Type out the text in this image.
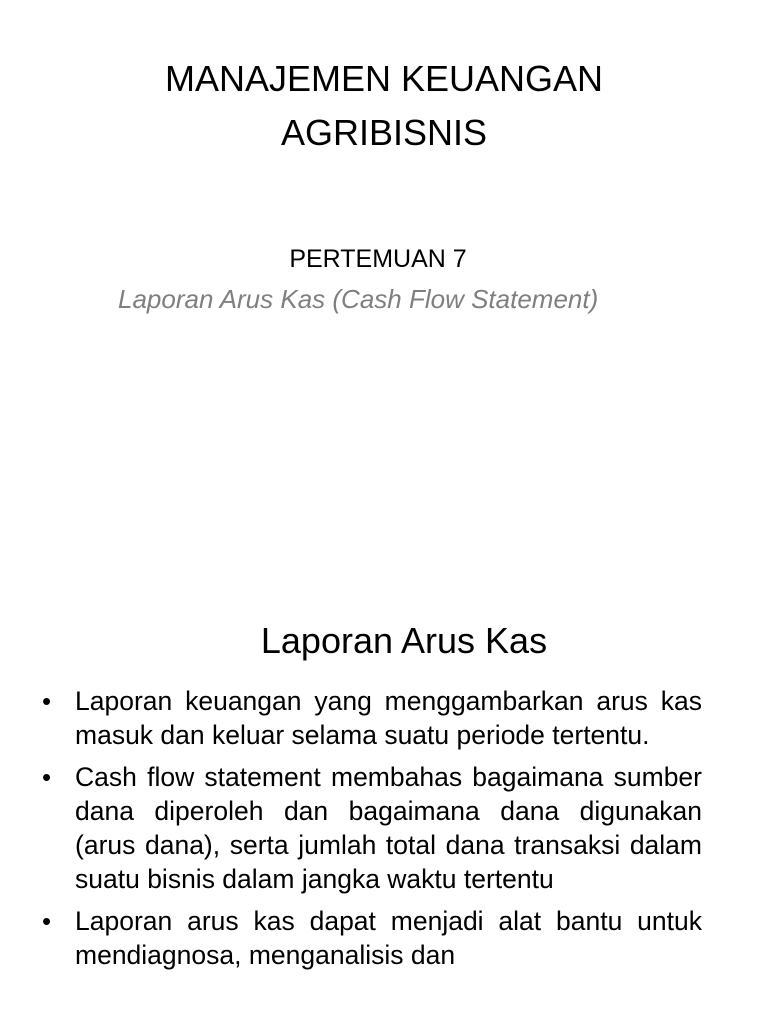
MANAJEMEN KEUANGAN
AGRIBISNIS

PERTEMUAN 7

Laporan Arus Kas (Cash Flow Statement)

Laporan Arus Kas
• Laporan keuangan yang menggambarkan arus kas masuk dan keluar selama suatu periode tertentu.
• Cash flow statement membahas bagaimana sumber dana diperoleh dan bagaimana dana digunakan (arus dana), serta jumlah total dana transaksi dalam suatu bisnis dalam jangka waktu tertentu
• Laporan arus kas dapat menjadi alat bantu untuk mendiagnosa, menganalisis dan
